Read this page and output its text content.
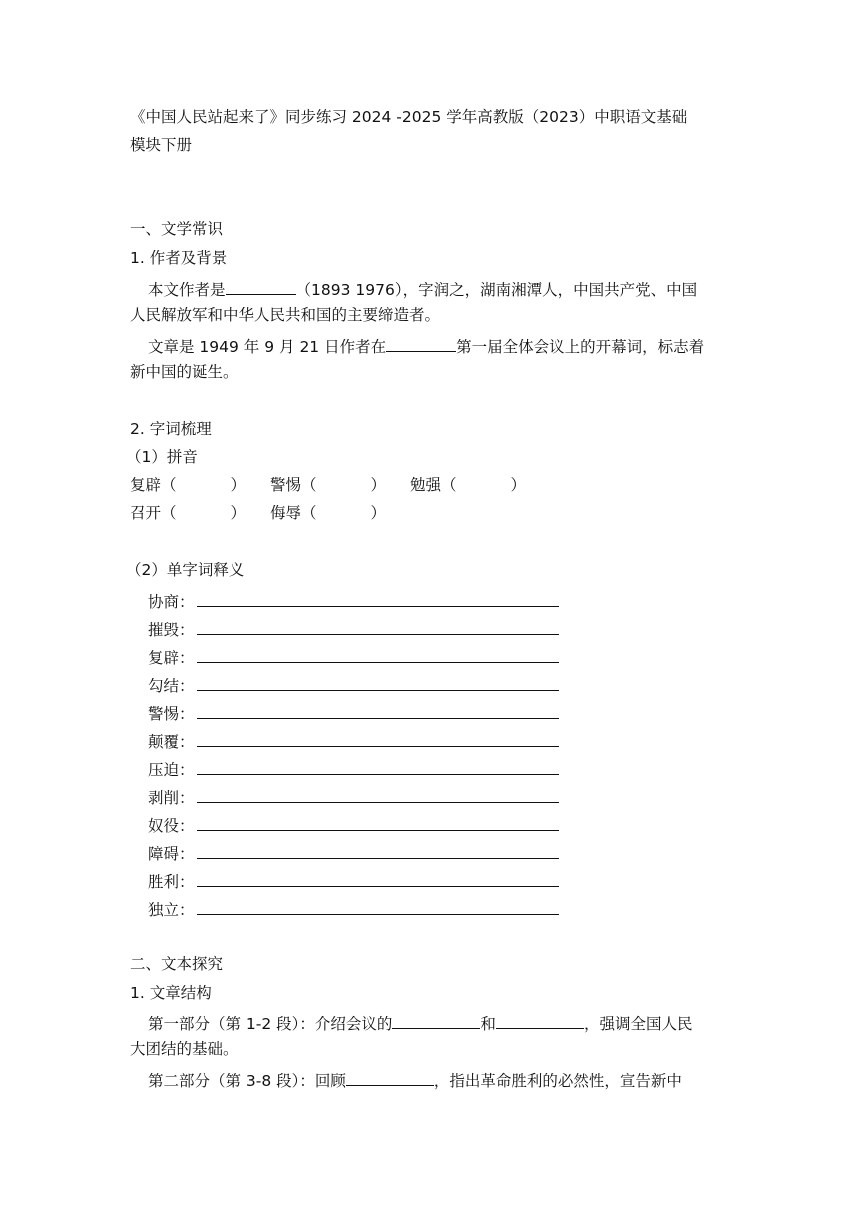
《中国人民站起来了》同步练习 2024 -2025 学年高教版（2023）中职语文基础
模块下册
一、文学常识
1. 作者及背景
本文作者是	（1893 1976），字润之，湖南湘潭人，中国共产党、中国
人民解放军和中华人民共和国的主要缔造者。
文章是 1949 年 9 月 21 日作者在	第一届全体会议上的开幕词，标志着
新中国的诞生。
2. 字词梳理
（1）拼音
复辟（	） 警惕（	） 勉强（	）
召开（	） 侮辱（	）
（2）单字词释义
协商：
摧毁：
复辟：
勾结：
警惕：
颠覆：
压迫：
剥削：
奴役：
障碍：
胜利：
独立：
二、文本探究
1. 文章结构
第一部分（第 1-2 段）：介绍会议的	和	，强调全国人民
大团结的基础。
第二部分（第 3-8 段）：回顾	，指出革命胜利的必然性，宣告新中
